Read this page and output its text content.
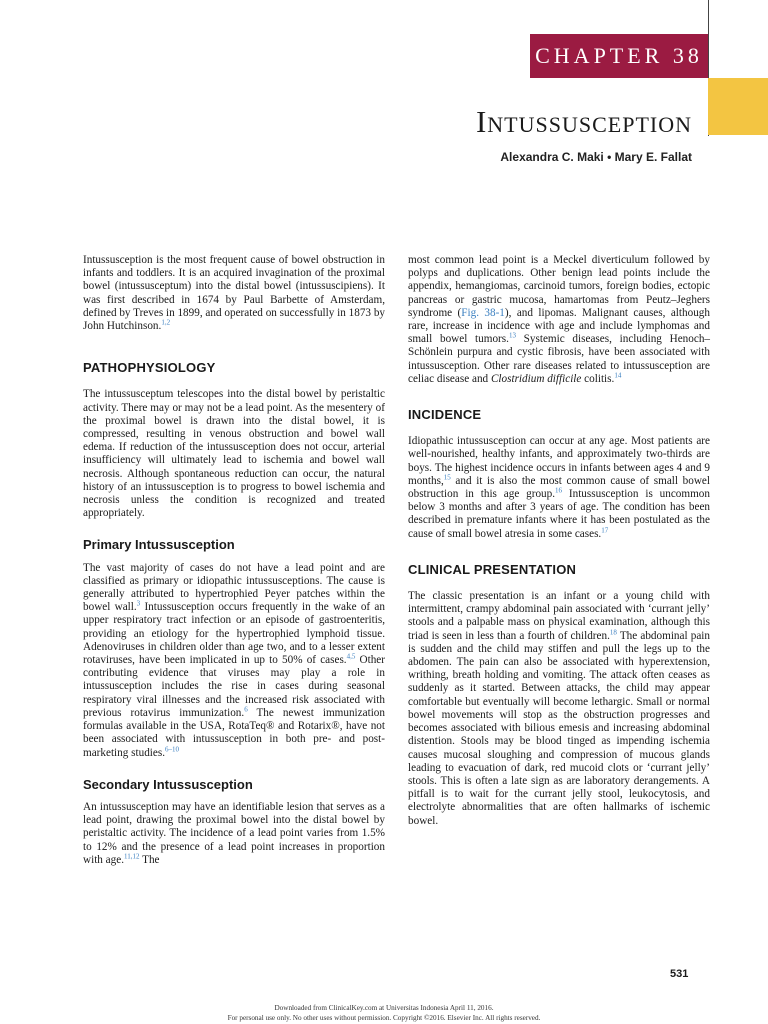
CHAPTER 38
Intussusception
Alexandra C. Maki • Mary E. Fallat

Intussusception is the most frequent cause of bowel obstruction in infants and toddlers. It is an acquired invagination of the proximal bowel (intussusceptum) into the distal bowel (intussuscipiens). It was first described in 1674 by Paul Barbette of Amsterdam, defined by Treves in 1899, and operated on successfully in 1873 by John Hutchinson.$^{1,2}$

PATHOPHYSIOLOGY

The intussusceptum telescopes into the distal bowel by peristaltic activity. There may or may not be a lead point. As the mesentery of the proximal bowel is drawn into the distal bowel, it is compressed, resulting in venous obstruction and bowel wall edema. If reduction of the intussusception does not occur, arterial insufficiency will ultimately lead to ischemia and bowel wall necrosis. Although spontaneous reduction can occur, the natural history of an intussusception is to progress to bowel ischemia and necrosis unless the condition is recognized and treated appropriately.

Primary Intussusception

The vast majority of cases do not have a lead point and are classified as primary or idiopathic intussusceptions. The cause is generally attributed to hypertrophied Peyer patches within the bowel wall.$^3$ Intussusception occurs frequently in the wake of an upper respiratory tract infection or an episode of gastroenteritis, providing an etiology for the hypertrophied lymphoid tissue. Adenoviruses in children older than age two, and to a lesser extent rotaviruses, have been implicated in up to 50% of cases.$^{4,5}$ Other contributing evidence that viruses may play a role in intussusception includes the rise in cases during seasonal respiratory viral illnesses and the increased risk associated with previous rotavirus immunization.$^6$ The newest immunization formulas available in the USA, RotaTeq® and Rotarix®, have not been associated with intussusception in both pre- and post-marketing studies.$^{6-10}$

Secondary Intussusception

An intussusception may have an identifiable lesion that serves as a lead point, drawing the proximal bowel into the distal bowel by peristaltic activity. The incidence of a lead point varies from 1.5% to 12% and the presence of a lead point increases in proportion with age.$^{11,12}$ The

most common lead point is a Meckel diverticulum followed by polyps and duplications. Other benign lead points include the appendix, hemangiomas, carcinoid tumors, foreign bodies, ectopic pancreas or gastric mucosa, hamartomas from Peutz–Jeghers syndrome (Fig. 38-1), and lipomas. Malignant causes, although rare, increase in incidence with age and include lymphomas and small bowel tumors.$^{13}$ Systemic diseases, including Henoch–Schönlein purpura and cystic fibrosis, have been associated with intussusception. Other rare diseases related to intussusception are celiac disease and Clostridium difficile colitis.$^{14}$

INCIDENCE

Idiopathic intussusception can occur at any age. Most patients are well-nourished, healthy infants, and approximately two-thirds are boys. The highest incidence occurs in infants between ages 4 and 9 months,$^{15}$ and it is also the most common cause of small bowel obstruction in this age group.$^{16}$ Intussusception is uncommon below 3 months and after 3 years of age. The condition has been described in premature infants where it has been postulated as the cause of small bowel atresia in some cases.$^{17}$

CLINICAL PRESENTATION

The classic presentation is an infant or a young child with intermittent, crampy abdominal pain associated with ‘currant jelly’ stools and a palpable mass on physical examination, although this triad is seen in less than a fourth of children.$^{18}$ The abdominal pain is sudden and the child may stiffen and pull the legs up to the abdomen. The pain can also be associated with hyperextension, writhing, breath holding and vomiting. The attack often ceases as suddenly as it started. Between attacks, the child may appear comfortable but eventually will become lethargic. Small or normal bowel movements will stop as the obstruction progresses and becomes associated with bilious emesis and increasing abdominal distention. Stools may be blood tinged as impending ischemia causes mucosal sloughing and compression of mucous glands leading to evacuation of dark, red mucoid clots or ‘currant jelly’ stools. This is often a late sign as are laboratory derangements. A pitfall is to wait for the currant jelly stool, leukocytosis, and electrolyte abnormalities that are often hallmarks of ischemic bowel.

531
Downloaded from ClinicalKey.com at Universitas Indonesia April 11, 2016.
For personal use only. No other uses without permission. Copyright ©2016. Elsevier Inc. All rights reserved.
